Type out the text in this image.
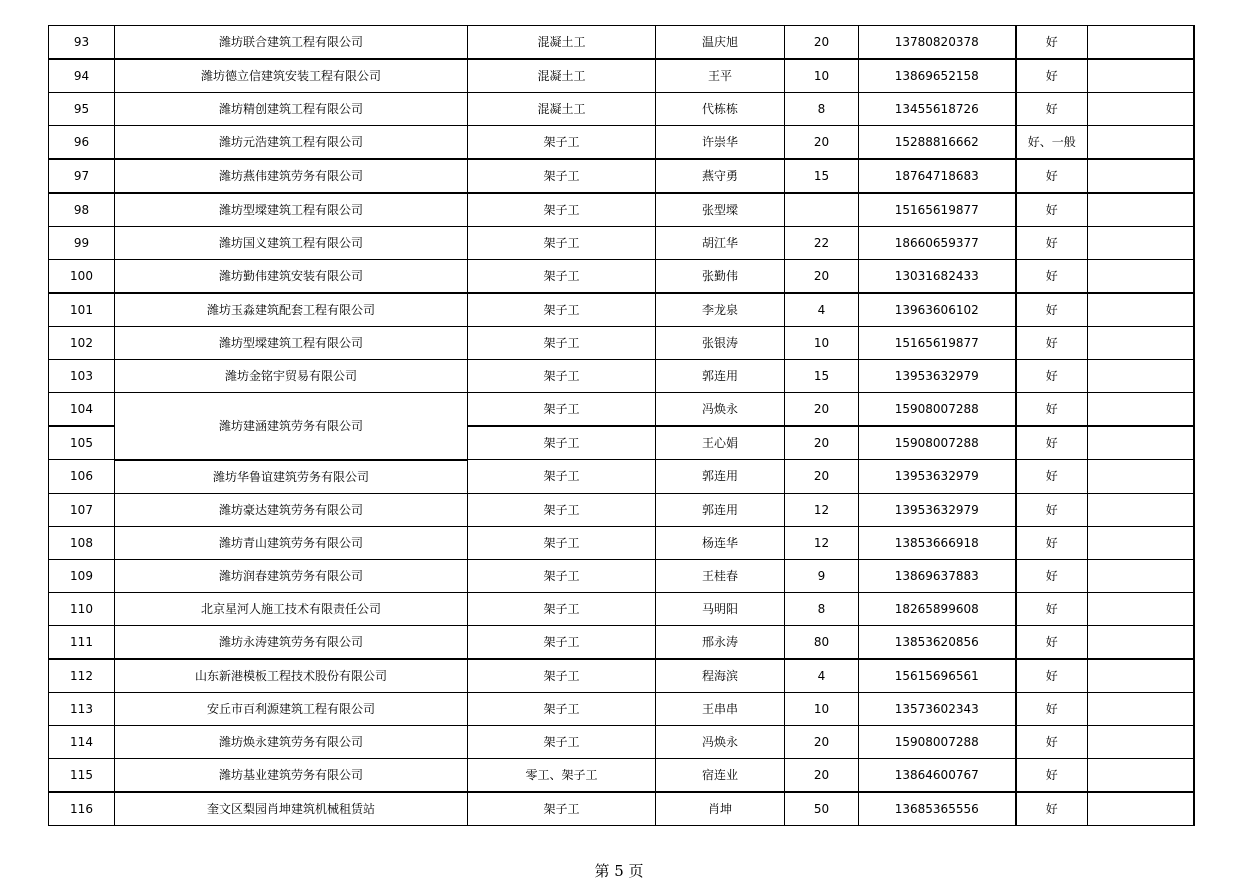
93	潍坊联合建筑工程有限公司	混凝土工	温庆旭	20	13780820378	好	
94	潍坊德立信建筑安装工程有限公司	混凝土工	王平	10	13869652158	好	
95	潍坊精创建筑工程有限公司	混凝土工	代栋栋	8	13455618726	好	
96	潍坊元浩建筑工程有限公司	架子工	许崇华	20	15288816662	好、一般	
97	潍坊燕伟建筑劳务有限公司	架子工	燕守勇	15	18764718683	好	
98	潍坊型墚建筑工程有限公司	架子工	张型墚		15165619877	好	
99	潍坊国义建筑工程有限公司	架子工	胡江华	22	18660659377	好	
100	潍坊勤伟建筑安装有限公司	架子工	张勤伟	20	13031682433	好	
101	潍坊玉淼建筑配套工程有限公司	架子工	李龙泉	4	13963606102	好	
102	潍坊型墚建筑工程有限公司	架子工	张银涛	10	15165619877	好	
103	潍坊金铭宇贸易有限公司	架子工	郭连用	15	13953632979	好	
104	潍坊建涵建筑劳务有限公司	架子工	冯焕永	20	15908007288	好	
105		架子工	王心娟	20	15908007288	好	
106	潍坊华鲁谊建筑劳务有限公司	架子工	郭连用	20	13953632979	好	
107	潍坊豪达建筑劳务有限公司	架子工	郭连用	12	13953632979	好	
108	潍坊青山建筑劳务有限公司	架子工	杨连华	12	13853666918	好	
109	潍坊润春建筑劳务有限公司	架子工	王桂春	9	13869637883	好	
110	北京星河人施工技术有限责任公司	架子工	马明阳	8	18265899608	好	
111	潍坊永涛建筑劳务有限公司	架子工	邢永涛	80	13853620856	好	
112	山东新港模板工程技术股份有限公司	架子工	程海滨	4	15615696561	好	
113	安丘市百利源建筑工程有限公司	架子工	王串串	10	13573602343	好	
114	潍坊焕永建筑劳务有限公司	架子工	冯焕永	20	15908007288	好	
115	潍坊基业建筑劳务有限公司	零工、架子工	宿连业	20	13864600767	好	
116	奎文区梨园肖坤建筑机械租赁站	架子工	肖坤	50	13685365556	好	
第 5 页
